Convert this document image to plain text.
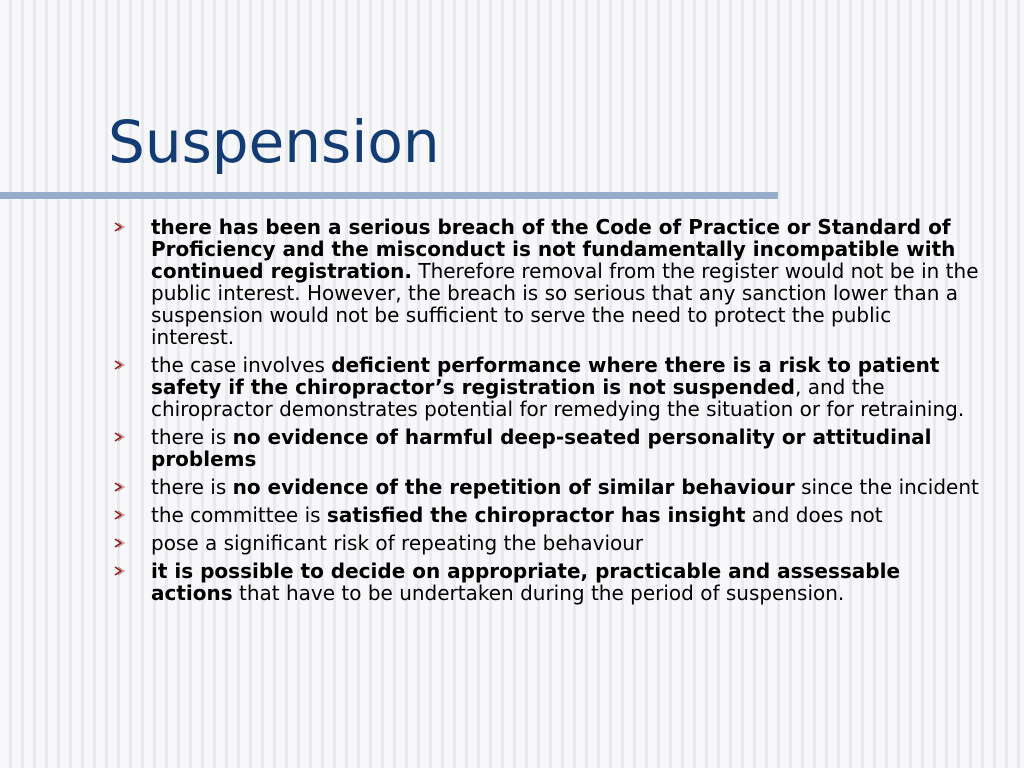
Suspension
there has been a serious breach of the Code of Practice or Standard of Proficiency and the misconduct is not fundamentally incompatible with continued registration. Therefore removal from the register would not be in the public interest. However, the breach is so serious that any sanction lower than a suspension would not be sufficient to serve the need to protect the public interest.
the case involves deficient performance where there is a risk to patient safety if the chiropractor’s registration is not suspended, and the chiropractor demonstrates potential for remedying the situation or for retraining.
there is no evidence of harmful deep-seated personality or attitudinal problems
there is no evidence of the repetition of similar behaviour since the incident
the committee is satisfied the chiropractor has insight and does not
pose a significant risk of repeating the behaviour
it is possible to decide on appropriate, practicable and assessable actions that have to be undertaken during the period of suspension.
